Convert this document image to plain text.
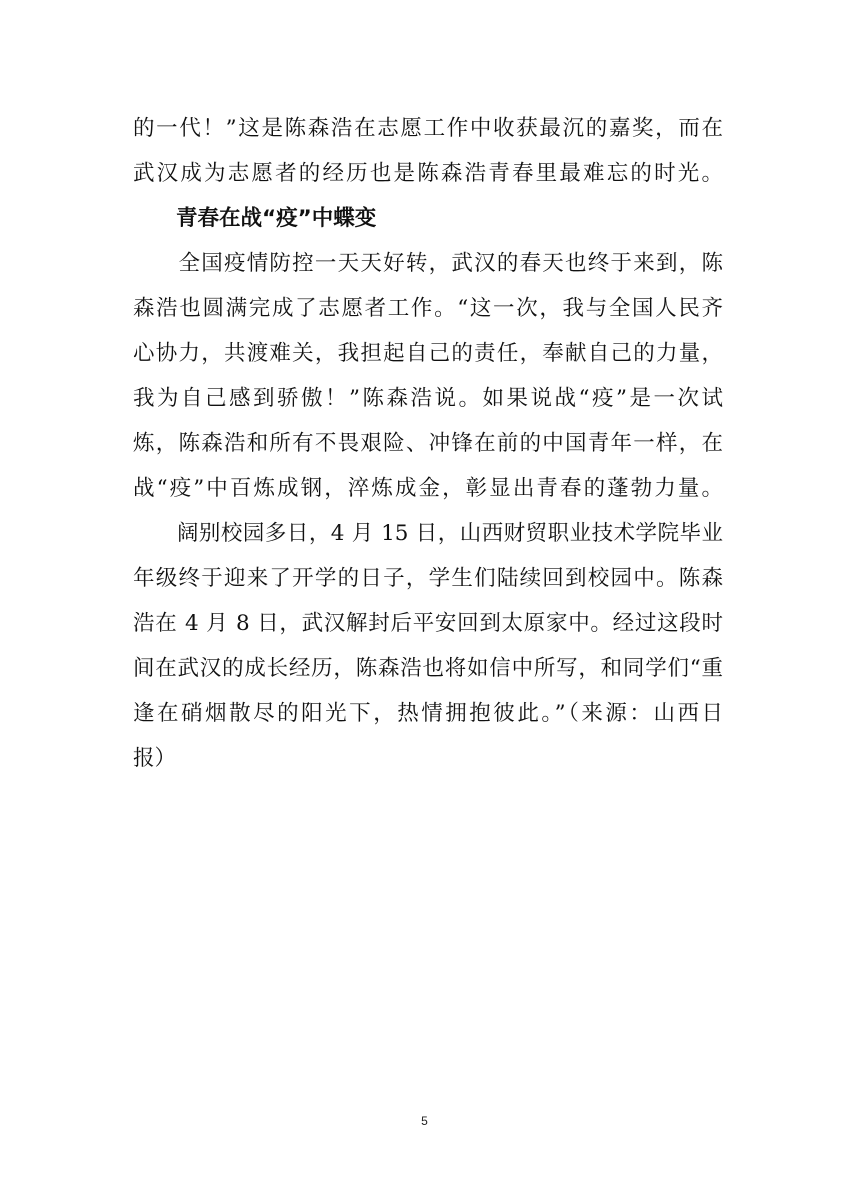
的一代！”这是陈森浩在志愿工作中收获最沉的嘉奖，而在
武汉成为志愿者的经历也是陈森浩青春里最难忘的时光。
青春在战“疫”中蝶变
　　全国疫情防控一天天好转，武汉的春天也终于来到，陈
森浩也圆满完成了志愿者工作。“这一次，我与全国人民齐
心协力，共渡难关，我担起自己的责任，奉献自己的力量，
我为自己感到骄傲！”陈森浩说。如果说战“疫”是一次试
炼，陈森浩和所有不畏艰险、冲锋在前的中国青年一样，在
战“疫”中百炼成钢，淬炼成金，彰显出青春的蓬勃力量。
　　阔别校园多日，4 月 15 日，山西财贸职业技术学院毕业
年级终于迎来了开学的日子，学生们陆续回到校园中。陈森
浩在 4 月 8 日，武汉解封后平安回到太原家中。经过这段时
间在武汉的成长经历，陈森浩也将如信中所写，和同学们“重
逢在硝烟散尽的阳光下，热情拥抱彼此。”（来源：山西日
报）
5
